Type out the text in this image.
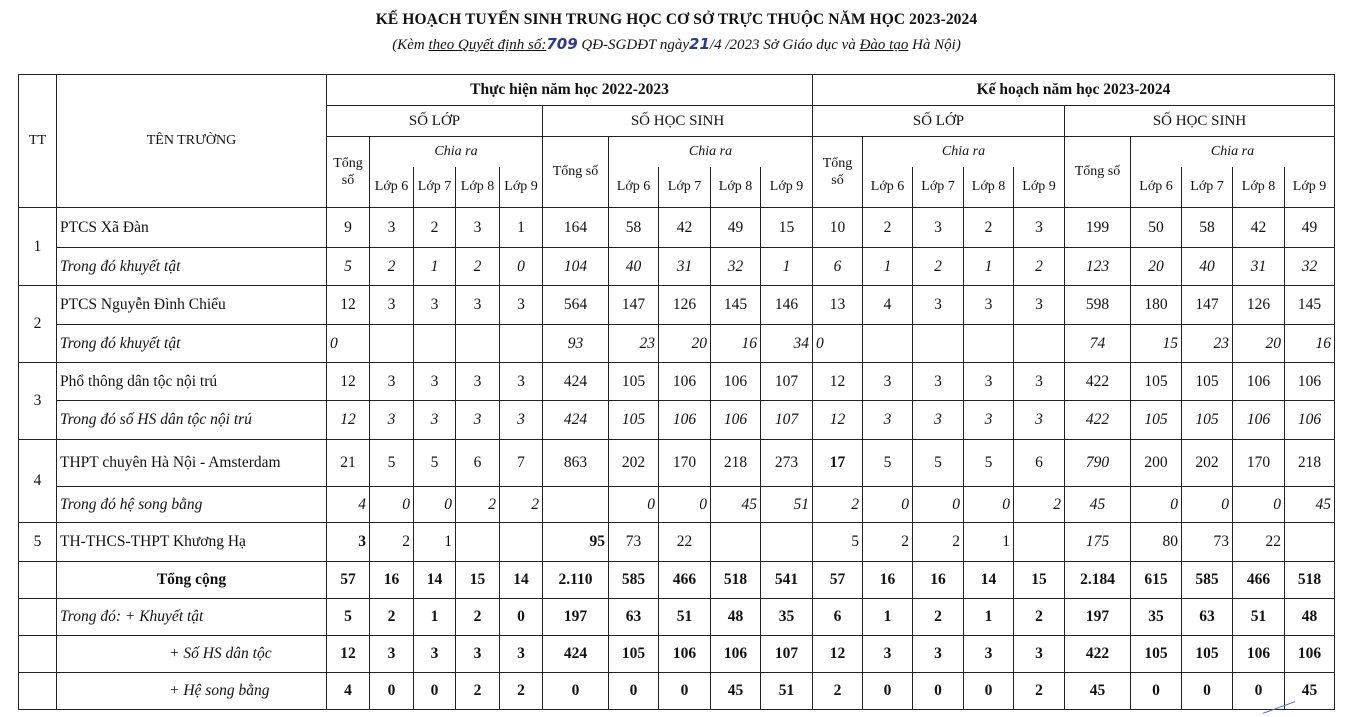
KẾ HOẠCH TUYỂN SINH TRUNG HỌC CƠ SỞ TRỰC THUỘC NĂM HỌC 2023-2024
(Kèm theo Quyết định số:709 QĐ-SGDĐT ngày21/4 /2023 Sở Giáo dục và Đào tạo Hà Nội)
TT	TÊN TRƯỜNG	Thực hiện năm học 2022-2023										Kế hoạch năm học 2023-2024									
		SỐ LỚP					SỐ HỌC SINH					SỐ LỚP					SỐ HỌC SINH				
		Tổng số	Chia ra				Tổng số	Chia ra				Tổng số	Chia ra				Tổng số	Chia ra			
			Lớp 6	Lớp 7	Lớp 8	Lớp 9		Lớp 6	Lớp 7	Lớp 8	Lớp 9		Lớp 6	Lớp 7	Lớp 8	Lớp 9		Lớp 6	Lớp 7	Lớp 8	Lớp 9
1	PTCS Xã Đàn	9	3	2	3	1	164	58	42	49	15	10	2	3	2	3	199	50	58	42	49
	Trong đó khuyết tật	5	2	1	2	0	104	40	31	32	1	6	1	2	1	2	123	20	40	31	32
2	PTCS Nguyễn Đình Chiểu	12	3	3	3	3	564	147	126	145	146	13	4	3	3	3	598	180	147	126	145
	Trong đó khuyết tật	0					93	23	20	16	34	0					74	15	23	20	16
3	Phổ thông dân tộc nội trú	12	3	3	3	3	424	105	106	106	107	12	3	3	3	3	422	105	105	106	106
	Trong đó số HS dân tộc nội trú	12	3	3	3	3	424	105	106	106	107	12	3	3	3	3	422	105	105	106	106
4	THPT chuyên Hà Nội - Amsterdam	21	5	5	6	7	863	202	170	218	273	17	5	5	5	6	790	200	202	170	218
	Trong đó hệ song bằng	4	0	0	2	2		0	0	45	51	2	0	0	0	2	45	0	0	0	45
5	TH-THCS-THPT Khương Hạ	3	2	1			95	73	22			5	2	2	1		175	80	73	22	
	Tổng cộng	57	16	14	15	14	2.110	585	466	518	541	57	16	16	14	15	2.184	615	585	466	518
	Trong đó: + Khuyết tật	5	2	1	2	0	197	63	51	48	35	6	1	2	1	2	197	35	63	51	48
	+ Số HS dân tộc	12	3	3	3	3	424	105	106	106	107	12	3	3	3	3	422	105	105	106	106
	+ Hệ song bằng	4	0	0	2	2	0	0	0	45	51	2	0	0	0	2	45	0	0	0	45
